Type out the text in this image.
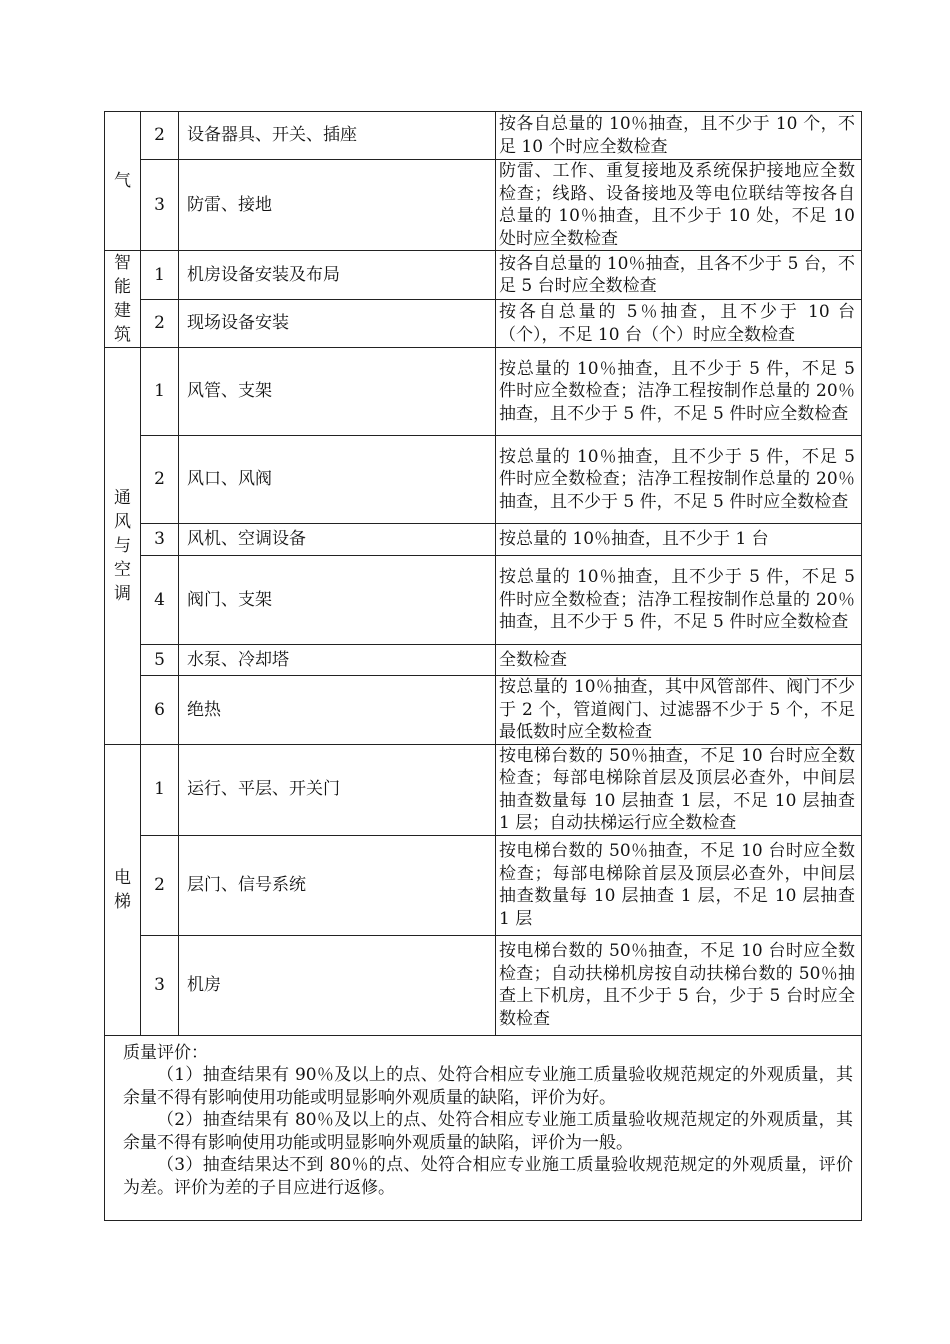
气	2	设备器具、开关、插座	按各自总量的 10％抽查，且不少于 10 个，不足 10 个时应全数检查
	3	防雷、接地	防雷、工作、重复接地及系统保护接地应全数检查；线路、设备接地及等电位联结等按各自总量的 10％抽查，且不少于 10 处，不足 10 处时应全数检查

智能建筑	1	机房设备安装及布局	按各自总量的 10％抽查，且各不少于 5 台，不足 5 台时应全数检查
	2	现场设备安装	按各自总量的 5％抽查，且不少于 10 台（个），不足 10 台（个）时应全数检查

通风与空调	1	风管、支架	按总量的 10％抽查，且不少于 5 件，不足 5 件时应全数检查；洁净工程按制作总量的 20％抽查，且不少于 5 件，不足 5 件时应全数检查
	2	风口、风阀	按总量的 10％抽查，且不少于 5 件，不足 5 件时应全数检查；洁净工程按制作总量的 20％抽查，且不少于 5 件，不足 5 件时应全数检查
	3	风机、空调设备	按总量的 10％抽查，且不少于 1 台
	4	阀门、支架	按总量的 10％抽查，且不少于 5 件，不足 5 件时应全数检查；洁净工程按制作总量的 20％抽查，且不少于 5 件，不足 5 件时应全数检查
	5	水泵、冷却塔	全数检查
	6	绝热	按总量的 10％抽查，其中风管部件、阀门不少于 2 个，管道阀门、过滤器不少于 5 个，不足最低数时应全数检查

电梯	1	运行、平层、开关门	按电梯台数的 50％抽查，不足 10 台时应全数检查；每部电梯除首层及顶层必查外，中间层抽查数量每 10 层抽查 1 层，不足 10 层抽查 1 层；自动扶梯运行应全数检查
	2	层门、信号系统	按电梯台数的 50％抽查，不足 10 台时应全数检查；每部电梯除首层及顶层必查外，中间层抽查数量每 10 层抽查 1 层，不足 10 层抽查 1 层
	3	机房	按电梯台数的 50％抽查，不足 10 台时应全数检查；自动扶梯机房按自动扶梯台数的 50％抽查上下机房，且不少于 5 台，少于 5 台时应全数检查

质量评价：
（1）抽查结果有 90％及以上的点、处符合相应专业施工质量验收规范规定的外观质量，其余量不得有影响使用功能或明显影响外观质量的缺陷，评价为好。
（2）抽查结果有 80％及以上的点、处符合相应专业施工质量验收规范规定的外观质量，其余量不得有影响使用功能或明显影响外观质量的缺陷，评价为一般。
（3）抽查结果达不到 80％的点、处符合相应专业施工质量验收规范规定的外观质量，评价为差。评价为差的子目应进行返修。			
